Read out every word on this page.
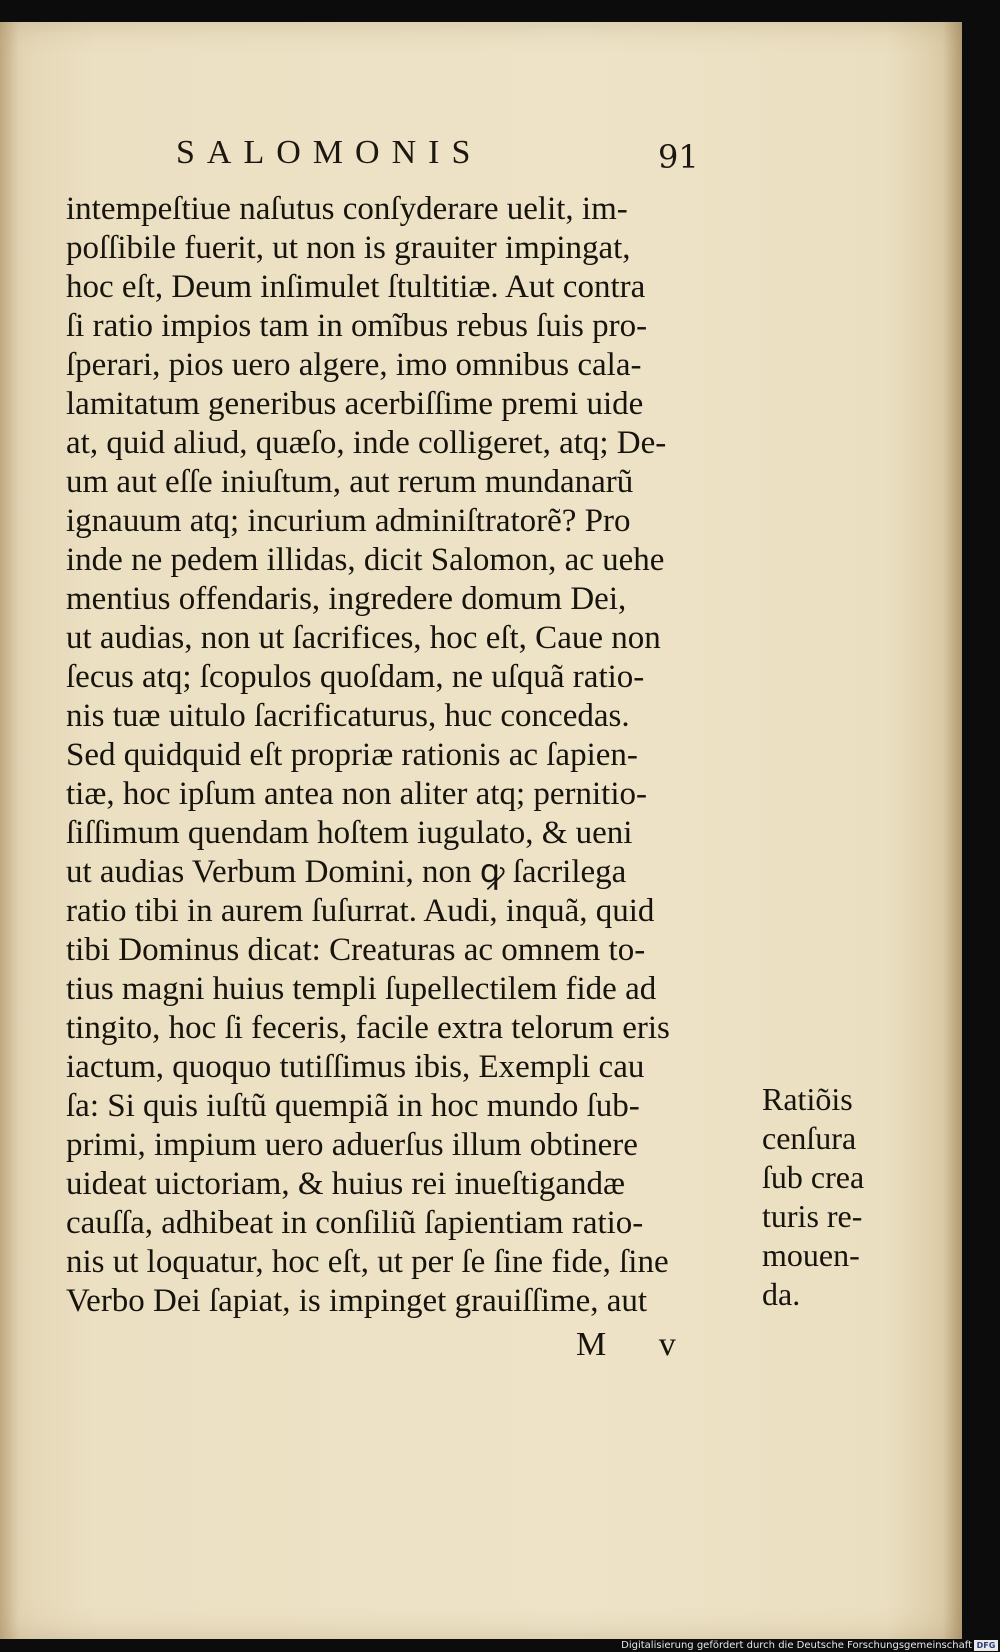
SALOMONIS	91
intempeſtiue naſutus conſyderare uelit, im-
poſſibile fuerit, ut non is grauiter impingat,
hoc eſt, Deum inſimulet ſtultitiæ. Aut contra
ſi ratio impios tam in omĩbus rebus ſuis pro-
ſperari, pios uero algere, imo omnibus cala-
lamitatum generibus acerbiſſime premi uide
at, quid aliud, quæſo, inde colligeret, atq; De-
um aut eſſe iniuſtum, aut rerum mundanarũ
ignauum atq; incurium adminiſtratorẽ? Pro
inde ne pedem illidas, dicit Salomon, ac uehe
mentius offendaris, ingredere domum Dei,
ut audias, non ut ſacrifices, hoc eſt, Caue non
ſecus atq; ſcopulos quoſdam, ne uſquã ratio-
nis tuæ uitulo ſacrificaturus, huc concedas.
Sed quidquid eſt propriæ rationis ac ſapien-
tiæ, hoc ipſum antea non aliter atq; pernitio-
ſiſſimum quendam hoſtem iugulato, & ueni
ut audias Verbum Domini, non ꝙ ſacrilega
ratio tibi in aurem ſuſurrat. Audi, inquã, quid
tibi Dominus dicat: Creaturas ac omnem to-
tius magni huius templi ſupellectilem fide ad
tingito, hoc ſi feceris, facile extra telorum eris
iactum, quoquo tutiſſimus ibis, Exempli cau
ſa: Si quis iuſtũ quempiã in hoc mundo ſub-
primi, impium uero aduerſus illum obtinere
uideat uictoriam, & huius rei inueſtigandæ
cauſſa, adhibeat in conſiliũ ſapientiam ratio-
nis ut loquatur, hoc eſt, ut per ſe ſine fide, ſine
Verbo Dei ſapiat, is impinget grauiſſime, aut
Ratiõis
cenſura
ſub crea
turis re-
mouen-
da.
M v
Digitalisierung gefördert durch die Deutsche Forschungsgemeinschaft DFG
